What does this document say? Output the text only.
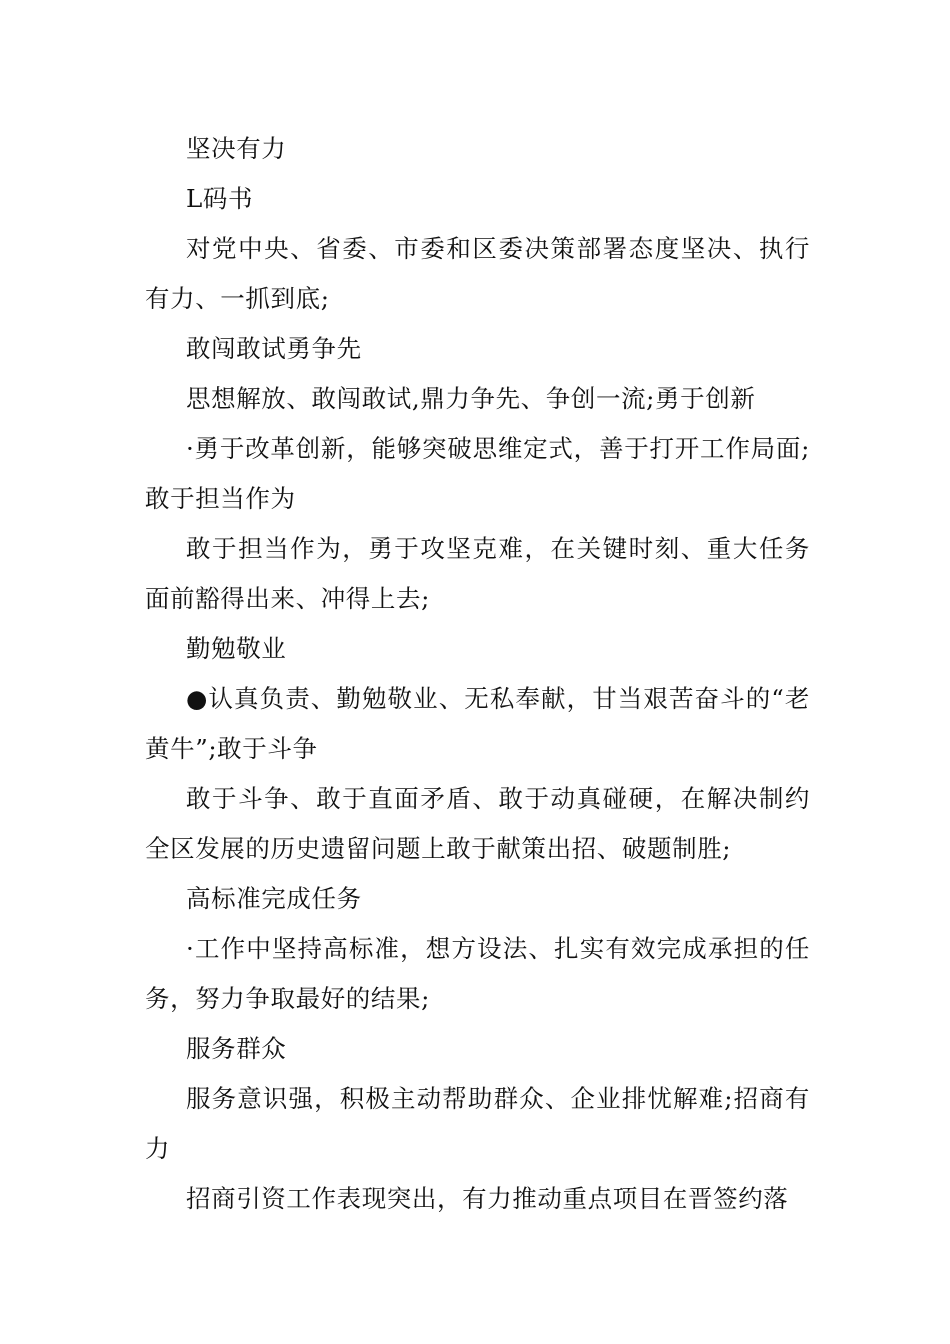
坚决有力

L码书

对党中央、省委、市委和区委决策部署态度坚决、执行有力、一抓到底;

敢闯敢试勇争先

思想解放、敢闯敢试,鼎力争先、争创一流;勇于创新

·勇于改革创新，能够突破思维定式，善于打开工作局面;敢于担当作为

敢于担当作为，勇于攻坚克难，在关键时刻、重大任务面前豁得出来、冲得上去;

勤勉敬业

●认真负责、勤勉敬业、无私奉献，甘当艰苦奋斗的“老黄牛”;敢于斗争

敢于斗争、敢于直面矛盾、敢于动真碰硬，在解决制约全区发展的历史遗留问题上敢于献策出招、破题制胜;

高标准完成任务

·工作中坚持高标准，想方设法、扎实有效完成承担的任务，努力争取最好的结果;

服务群众

服务意识强，积极主动帮助群众、企业排忧解难;招商有力

招商引资工作表现突出，有力推动重点项目在晋签约落
